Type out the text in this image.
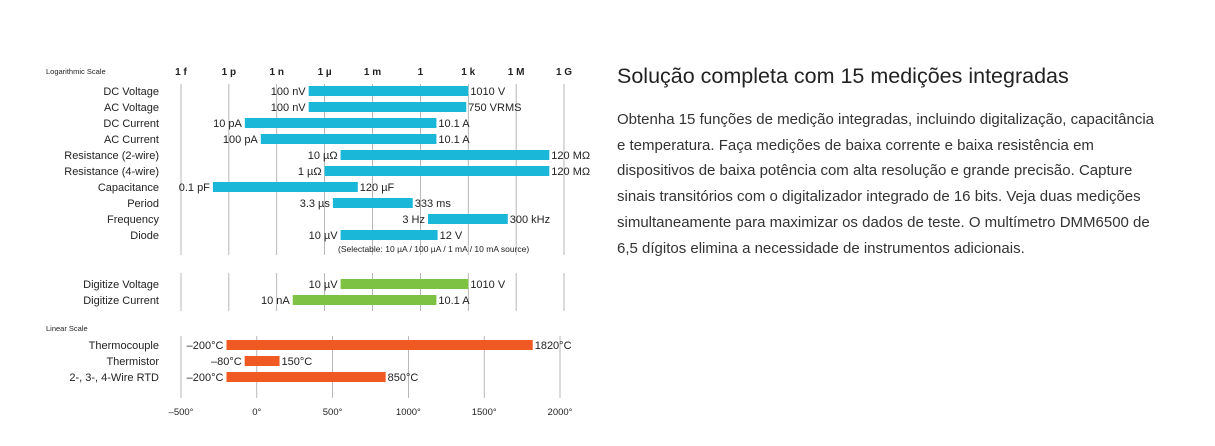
Logarithmic Scale	1 f	1 p	1 n	1 µ	1 m	1	1 k	1 M	1 G
DC Voltage	100 nV	1010 V
AC Voltage	100 nV	750 VRMS
DC Current	10 pA	10.1 A
AC Current	100 pA	10.1 A
Resistance (2-wire)	10 µΩ	120 MΩ
Resistance (4-wire)	1 µΩ	120 MΩ
Capacitance 0.1 pF	120 µF
Period	3.3 µs	333 ms
Frequency	3 Hz	300 kHz
Diode	10 µV	12 V
(Selectable: 10 µA / 100 µA / 1 mA / 10 mA source)
Digitize Voltage	10 µV	1010 V
Digitize Current	10 nA	10.1 A
Linear Scale
–500°	0°	500°	1000°	1500°	2000°
Thermocouple	–200°C	1820°C
Thermistor	–80°C	150°C
2-, 3-, 4-Wire RTD	–200°C	850°C
Solução completa com 15 medições integradas

Obtenha 15 funções de medição integradas, incluindo digitalização, capacitância e temperatura. Faça medições de baixa corrente e baixa resistência em dispositivos de baixa potência com alta resolução e grande precisão. Capture sinais transitórios com o digitalizador integrado de 16 bits. Veja duas medições simultaneamente para maximizar os dados de teste. O multímetro DMM6500 de 6,5 dígitos elimina a necessidade de instrumentos adicionais.
